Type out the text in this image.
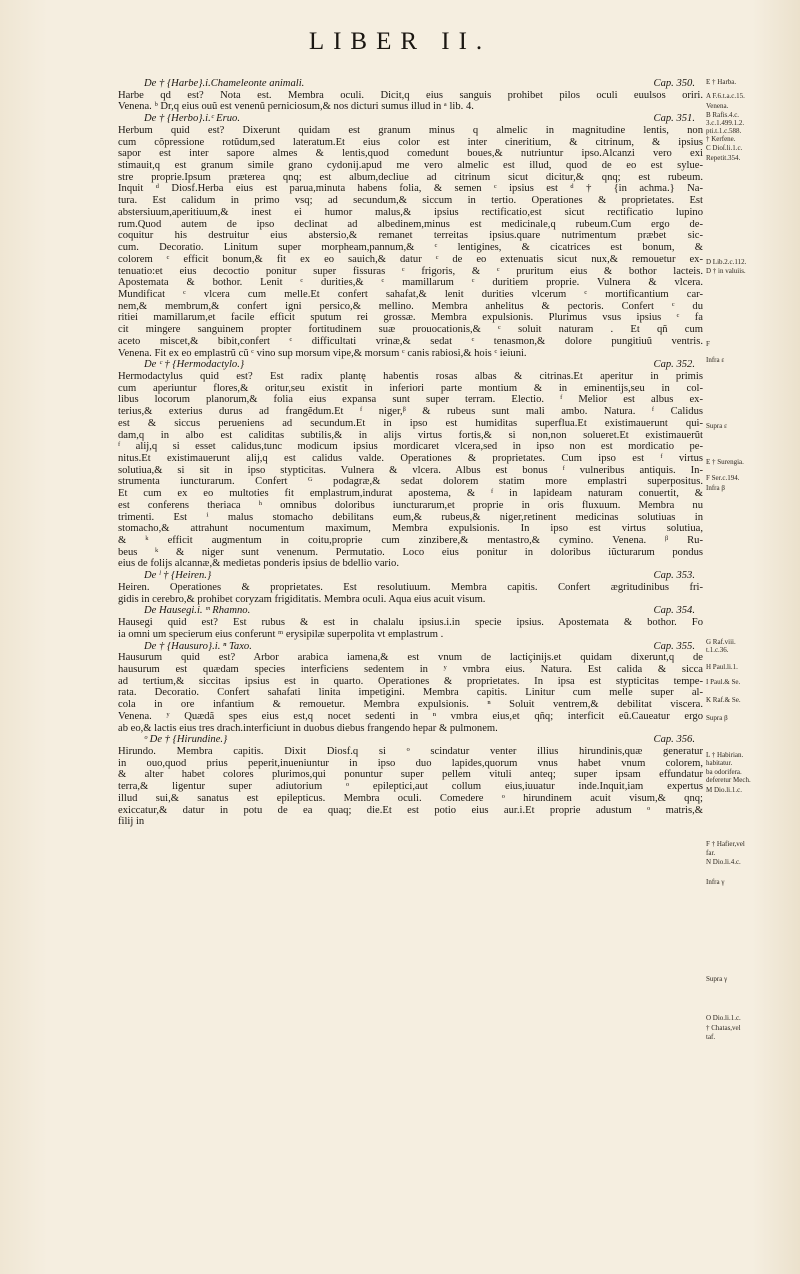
LIBER II.
De † {Harbe}.i.Chameleonte animali.	Cap. 350.

Harbe qd est? Nota est. Membra oculi. Dicit,q eius sanguis prohibet pilos oculi euulsos oriri.

Venena. ᵇ Dr,q eius ouũ est venenũ perniciosum,& nos dicturi sumus illud in ᵃ lib. 4.

De † {Herbo}.i.ᶜ Eruo.	Cap. 351.

Herbum quid est? Dixerunt quidam est granum minus q almelic in magnitudine lentis, non

cum cõpressione rotũdum,sed lateratum.Et eius color est inter cineritium, & citrinum, & ipsius

sapor est inter sapore almes & lentis,quod comedunt boues,& nutriuntur ipso.Alcanzi vero exi

stimauit,q est granum simile grano cydonij.apud me vero almelic est illud, quod de eo est sylue-

stre proprie.Ipsum præterea qnq; est album,decliue ad citrinum sicut dicitur,& qnq; est rubeum.

Inquit ᵈ Diosf.Herba eius est parua,minuta habens folia, & semen ᶜ ipsius est ᵈ † {in achma.} Na-

tura. Est calidum in primo vsq; ad secundum,& siccum in tertio. Operationes & proprietates. Est

abstersiuum,aperitiuum,& inest ei humor malus,& ipsius rectificatio,est sicut rectificatio lupino

rum.Quod autem de ipso declinat ad albedinem,minus est medicinale,q rubeum.Cum ergo de-

coquitur his destruitur eius abstersio,& remanet terreitas ipsius.quare nutrimentum præbet sic-

cum. Decoratio. Linitum super morpheam,pannum,& ᶜ lentigines, & cicatrices est bonum, &

colorem ᶜ efficit bonum,& fit ex eo sauich,& datur ᶜ de eo extenuatis sicut nux,& remouetur ex-

tenuatio:et eius decoctio ponitur super fissuras ᶜ frigoris, & ᶜ pruritum eius & bothor lacteis.

Apostemata & bothor. Lenit ᶜ durities,& ᶜ mamillarum ᶜ duritiem proprie. Vulnera & vlcera.

Mundificat ᶜ vlcera cum melle.Et confert sahafat,& lenit durities vlcerum ᶜ mortificantium car-

nem,& membrum,& confert igni persico,& mellino. Membra anhelitus & pectoris. Confert ᶜ du

ritiei mamillarum,et facile efficit sputum rei grossæ. Membra expulsionis. Plurimus vsus ipsius ᶜ fa

cit mingere sanguinem propter fortitudinem suæ prouocationis,& ᶜ soluit naturam . Et qñ cum

aceto miscet,& bibit,confert ᶜ difficultati vrinæ,& sedat ᶜ tenasmon,& dolore pungitiuũ ventris.

Venena. Fit ex eo emplastrũ cũ ᶜ vino sup morsum vipe,& morsum ᶜ canis rabiosi,& hois ᶜ ieiuni.

De ᶜ † {Hermodactylo.}	Cap. 352.

Hermodactylus quid est? Est radix plantę habentis rosas albas & citrinas.Et aperitur in primis

cum aperiuntur flores,& oritur,seu existit in inferiori parte montium & in eminentijs,seu in col-

libus locorum planorum,& folia eius expansa sunt super terram. Electio. ᶠ Melior est albus ex-

terius,& exterius durus ad frangẽdum.Et ᶠ niger,ᵝ & rubeus sunt mali ambo. Natura. ᶠ Calidus

est & siccus perueniens ad secundum.Et in ipso est humiditas superflua.Et existimauerunt qui-

dam,q in albo est caliditas subtilis,& in alijs virtus fortis,& si non,non solueret.Et existimauerũt

ᶠ alij,q si esset calidus,tunc modicum ipsius mordicaret vlcera,sed in ipso non est mordicatio pe-

nitus.Et existimauerunt alij,q est calidus valde. Operationes & proprietates. Cum ipso est ᶠ virtus

solutiua,& si sit in ipso stypticitas. Vulnera & vlcera. Albus est bonus ᶠ vulneribus antiquis. In-

strumenta iuncturarum. Confert ᴳ podagræ,& sedat dolorem statim more emplastri superpositus.

Et cum ex eo multoties fit emplastrum,indurat apostema, & ᶠ in lapideam naturam conuertit, &

est conferens theriaca ʰ omnibus doloribus iuncturarum,et proprie in oris fluxuum. Membra nu

trimenti. Est ⁱ malus stomacho debilitans eum,& rubeus,& niger,retinent medicinas solutiuas in

stomacho,& attrahunt nocumentum maximum, Membra expulsionis. In ipso est virtus solutiua,

& ᵏ efficit augmentum in coitu,proprie cum zinzibere,& mentastro,& cymino. Venena. ᵝ Ru-

beus ᵏ & niger sunt venenum. Permutatio. Loco eius ponitur in doloribus iũcturarum pondus

eius de folijs alcannæ,& medietas ponderis ipsius de bdellio vario.

De ˡ † {Heiren.}	Cap. 353.

Heiren. Operationes & proprietates. Est resolutiuum. Membra capitis. Confert ægritudinibus fri-

gidis in cerebro,& prohibet coryzam frigiditatis. Membra oculi. Aqua eius acuit visum.

De Hausegi.i. ᵐ Rhamno.	Cap. 354.

Hausegi quid est? Est rubus & est in chalalu ipsius.i.in specie ipsius. Apostemata & bothor. Fo

ia omni um specierum eius conferunt ᵐ erysipilæ superpolita vt emplastrum .

De † {Hausuro}.i. ⁿ Taxo.	Cap. 355.

Hausurum quid est? Arbor arabica iamena,& est vnum de lactiçinijs.et quidam dixerunt,q de

hausurum est quædam species interficiens sedentem in ʸ vmbra eius. Natura. Est calida & sicca

ad tertium,& siccitas ipsius est in quarto. Operationes & proprietates. In ipsa est stypticitas tempe-

rata. Decoratio. Confert sahafati linita impetigini. Membra capitis. Linitur cum melle super al-

cola in ore infantium & remouetur. Membra expulsionis. ⁿ Soluit ventrem,& debilitat viscera.

Venena. ʸ Quædã spes eius est,q nocet sedenti in ⁿ vmbra eius,et qñq; interficit eũ.Caueatur ergo

ab eo,& lactis eius tres drach.interficiunt in duobus diebus frangendo hepar & pulmonem.

ᵒ De † {Hirundine.}	Cap. 356.

Hirundo. Membra capitis. Dixit Diosf.q si ᵒ scindatur venter illius hirundinis,quæ generatur

in ouo,quod prius peperit,inueniuntur in ipso duo lapides,quorum vnus habet vnum colorem,

& alter habet colores plurimos,qui ponuntur super pellem vituli anteq; super ipsam effundatur

terra,& ligentur super adiutorium ᵒ epileptici,aut collum eius,iuuatur inde.Inquit,iam expertus

illud sui,& sanatus est epilepticus. Membra oculi. Comedere ᵒ hirundinem acuit visum,& qnq;

exiccatur,& datur in potu de ea quaq; die.Et est potio eius aur.i.Et proprie adustum ᵒ matris,&

filij in

E † Harba.
A F.6.t.a.c.15.
Venena.
B Rafis.4.c.
3.c.1.499.1.2.
pti.t.1.c.588.
† Kerfene.
C Dioſ.li.1.c.
Repetit.354.
D Lib.2.c.112.
D † in valuiis.
F
Infra ε
Supra ε
E † Surengia.
F Ser.c.194.
Infra β
G Raf.viii.
t.1.c.36.
H Paul.li.1.
I Paul.& Se.
K Raf.& Se.
Supra β
L † Habirian.
habitatur.
ba odorifera.
deferetur Mech.
M Dio.li.1.c.
F † Hafier,vel
far.
N Dio.li.4.c.
Infra γ
Supra γ
O Dio.li.1.c.
† Chatas,vel
taf.
